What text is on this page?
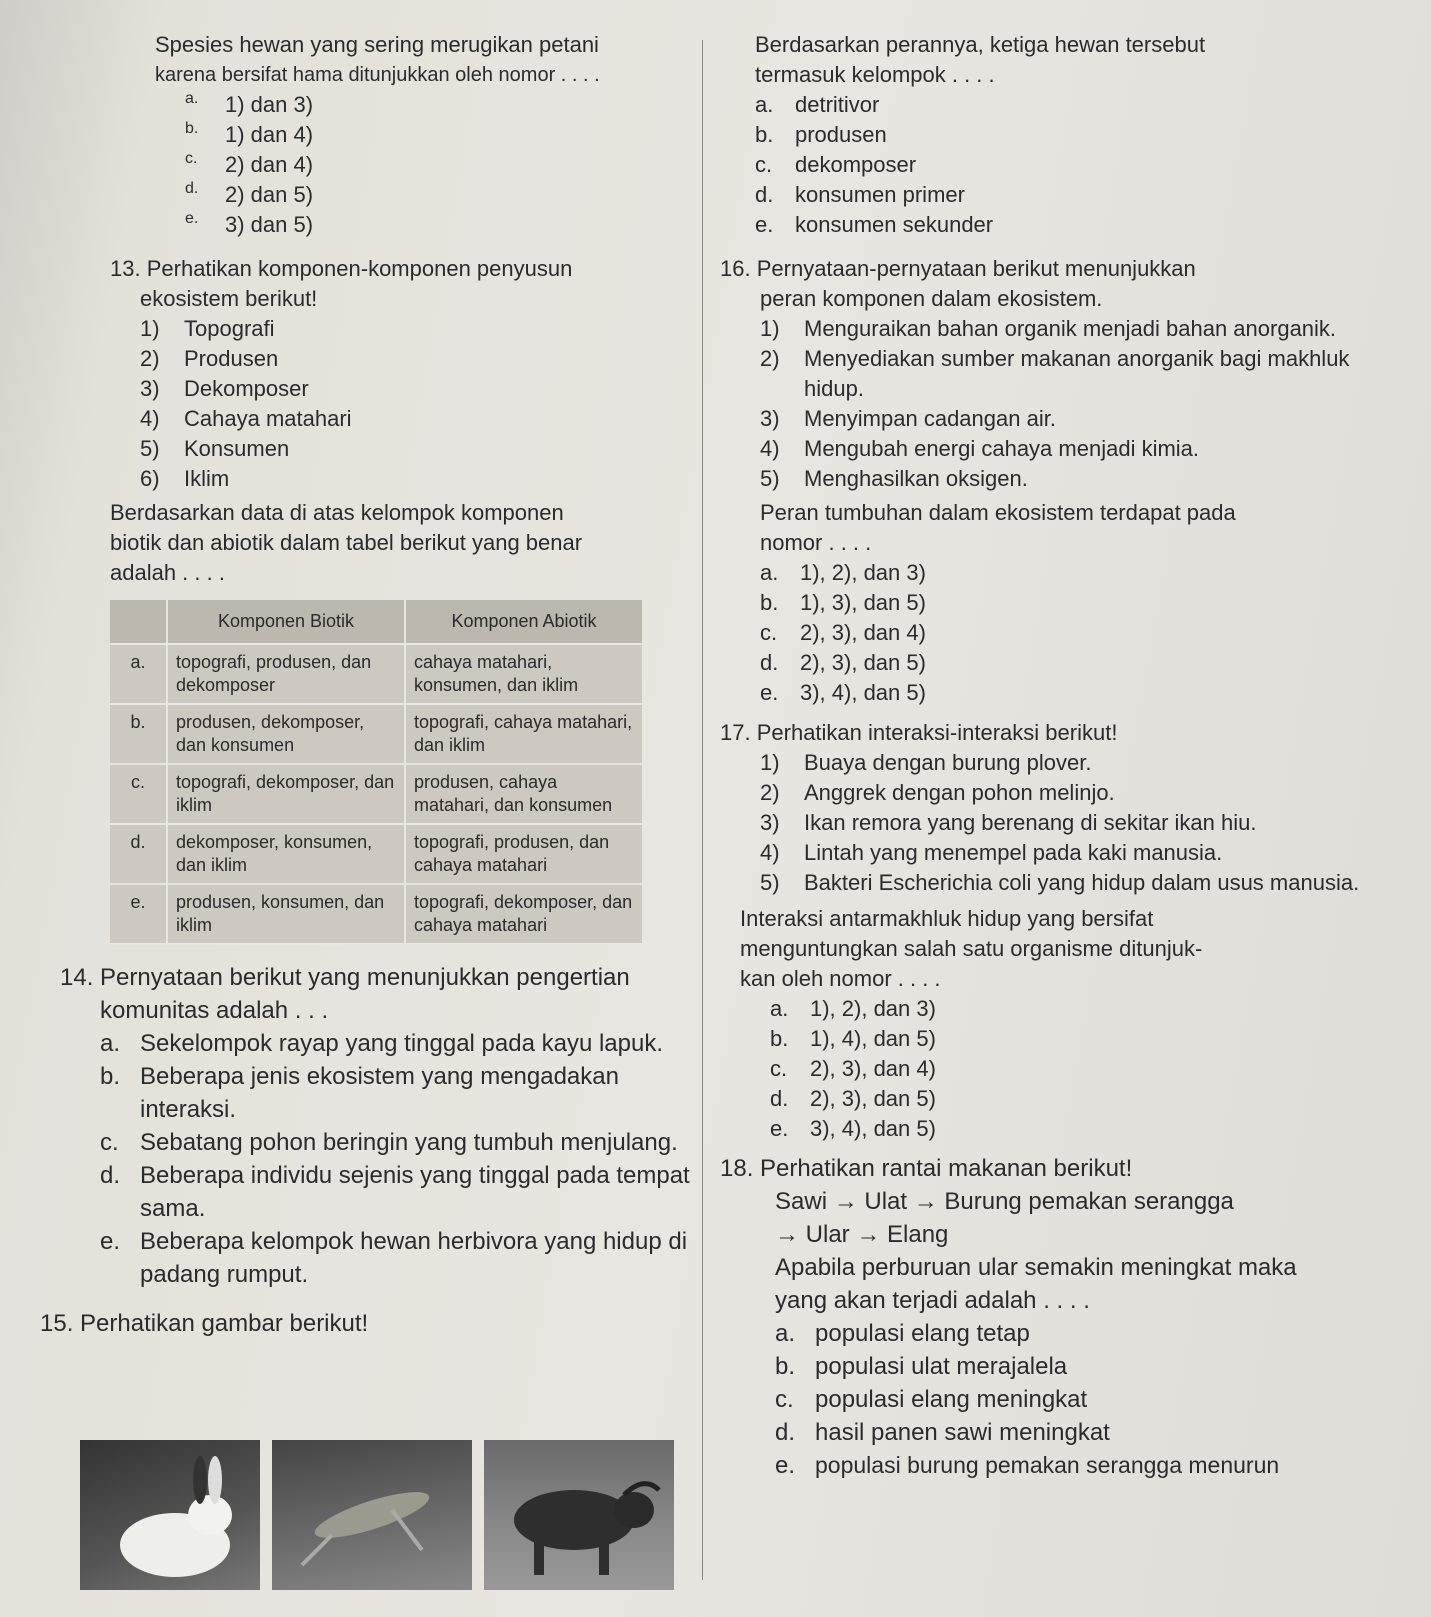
Spesies hewan yang sering merugikan petani

karena bersifat hama ditunjukkan oleh nomor . . . .

a.	1) dan 3)
b.	1) dan 4)
c.	2) dan 4)
d.	2) dan 5)
e.	3) dan 5)

13. Perhatikan komponen-komponen penyusun

ekosistem berikut!

1)	Topografi
2)	Produsen
3)	Dekomposer
4)	Cahaya matahari
5)	Konsumen
6)	Iklim

Berdasarkan data di atas kelompok komponen

biotik dan abiotik dalam tabel berikut yang benar

adalah . . . .

	Komponen Biotik	Komponen Abiotik
a.	topografi, produsen, dan dekomposer	cahaya matahari, konsumen, dan iklim
b.	produsen, dekomposer, dan konsumen	topografi, cahaya matahari, dan iklim
c.	topografi, dekomposer, dan iklim	produsen, cahaya matahari, dan konsumen
d.	dekomposer, konsumen, dan iklim	topografi, produsen, dan cahaya matahari
e.	produsen, konsumen, dan iklim	topografi, dekomposer, dan cahaya matahari

14. Pernyataan berikut yang menunjukkan pengertian

komunitas adalah . . .

a. Sekelompok rayap yang tinggal pada kayu lapuk.
b. Beberapa jenis ekosistem yang mengadakan interaksi.
c. Sebatang pohon beringin yang tumbuh menjulang.
d. Beberapa individu sejenis yang tinggal pada tempat sama.
e. Beberapa kelompok hewan herbivora yang hidup di padang rumput.

15. Perhatikan gambar berikut!

Berdasarkan perannya, ketiga hewan tersebut

termasuk kelompok . . . .

a. detritivor
b. produsen
c.	dekomposer
d. konsumen primer
e. konsumen sekunder

16. Pernyataan-pernyataan berikut menunjukkan

peran komponen dalam ekosistem.

1)	Menguraikan bahan organik menjadi bahan anorganik.
2)	Menyediakan sumber makanan anorganik bagi makhluk hidup.
3)	Menyimpan cadangan air.
4)	Mengubah energi cahaya menjadi kimia.
5)	Menghasilkan oksigen.

Peran tumbuhan dalam ekosistem terdapat pada

nomor . . . .

a. 1), 2), dan 3)
b. 1), 3), dan 5)
c.	2), 3), dan 4)
d. 2), 3), dan 5)
e. 3), 4), dan 5)

17. Perhatikan interaksi-interaksi berikut!

1)	Buaya dengan burung plover.
2)	Anggrek dengan pohon melinjo.
3)	Ikan remora yang berenang di sekitar ikan hiu.
4)	Lintah yang menempel pada kaki manusia.
5)	Bakteri Escherichia coli yang hidup dalam usus manusia.

Interaksi antarmakhluk hidup yang bersifat

menguntungkan salah satu organisme ditunjuk-

kan oleh nomor . . . .

a. 1), 2), dan 3)
b. 1), 4), dan 5)
c.	2), 3), dan 4)
d. 2), 3), dan 5)
e. 3), 4), dan 5)

18. Perhatikan rantai makanan berikut!

Sawi → Ulat → Burung pemakan serangga

→ Ular → Elang

Apabila perburuan ular semakin meningkat maka

yang akan terjadi adalah . . . .

a. populasi elang tetap
b. populasi ulat merajalela
c. populasi elang meningkat
d. hasil panen sawi meningkat
e. populasi burung pemakan serangga menurun
